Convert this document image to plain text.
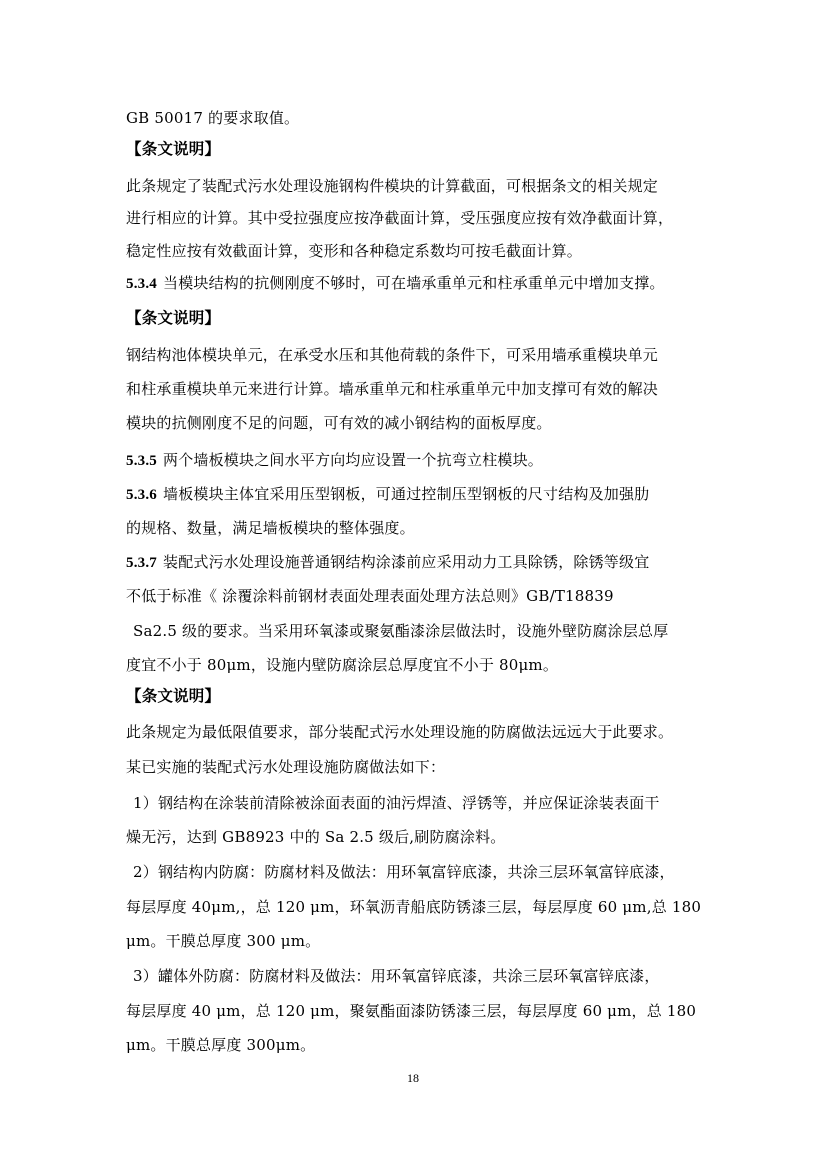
GB 50017 的要求取值。
【条文说明】
此条规定了装配式污水处理设施钢构件模块的计算截面，可根据条文的相关规定
进行相应的计算。其中受拉强度应按净截面计算，受压强度应按有效净截面计算，
稳定性应按有效截面计算，变形和各种稳定系数均可按毛截面计算。
5.3.4 当模块结构的抗侧刚度不够时，可在墙承重单元和柱承重单元中增加支撑。
【条文说明】
钢结构池体模块单元，在承受水压和其他荷载的条件下，可采用墙承重模块单元
和柱承重模块单元来进行计算。墙承重单元和柱承重单元中加支撑可有效的解决
模块的抗侧刚度不足的问题，可有效的减小钢结构的面板厚度。
5.3.5 两个墙板模块之间水平方向均应设置一个抗弯立柱模块。
5.3.6 墙板模块主体宜采用压型钢板，可通过控制压型钢板的尺寸结构及加强肋
的规格、数量，满足墙板模块的整体强度。
5.3.7 装配式污水处理设施普通钢结构涂漆前应采用动力工具除锈，除锈等级宜
不低于标准《 涂覆涂料前钢材表面处理表面处理方法总则》GB/T18839
Sa2.5 级的要求。当采用环氧漆或聚氨酯漆涂层做法时，设施外壁防腐涂层总厚
度宜不小于 80μm，设施内壁防腐涂层总厚度宜不小于 80μm。
【条文说明】
此条规定为最低限值要求，部分装配式污水处理设施的防腐做法远远大于此要求。
某已实施的装配式污水处理设施防腐做法如下：
1）钢结构在涂装前清除被涂面表面的油污焊渣、浮锈等，并应保证涂装表面干
燥无污，达到 GB8923 中的 Sa 2.5 级后,刷防腐涂料。
2）钢结构内防腐：防腐材料及做法：用环氧富锌底漆，共涂三层环氧富锌底漆，
每层厚度 40μm,，总 120 μm，环氧沥青船底防锈漆三层，每层厚度 60 μm,总 180
μm。干膜总厚度 300 μm。
3）罐体外防腐：防腐材料及做法：用环氧富锌底漆，共涂三层环氧富锌底漆，
每层厚度 40 μm，总 120 μm，聚氨酯面漆防锈漆三层，每层厚度 60 μm，总 180
μm。干膜总厚度 300μm。
18
